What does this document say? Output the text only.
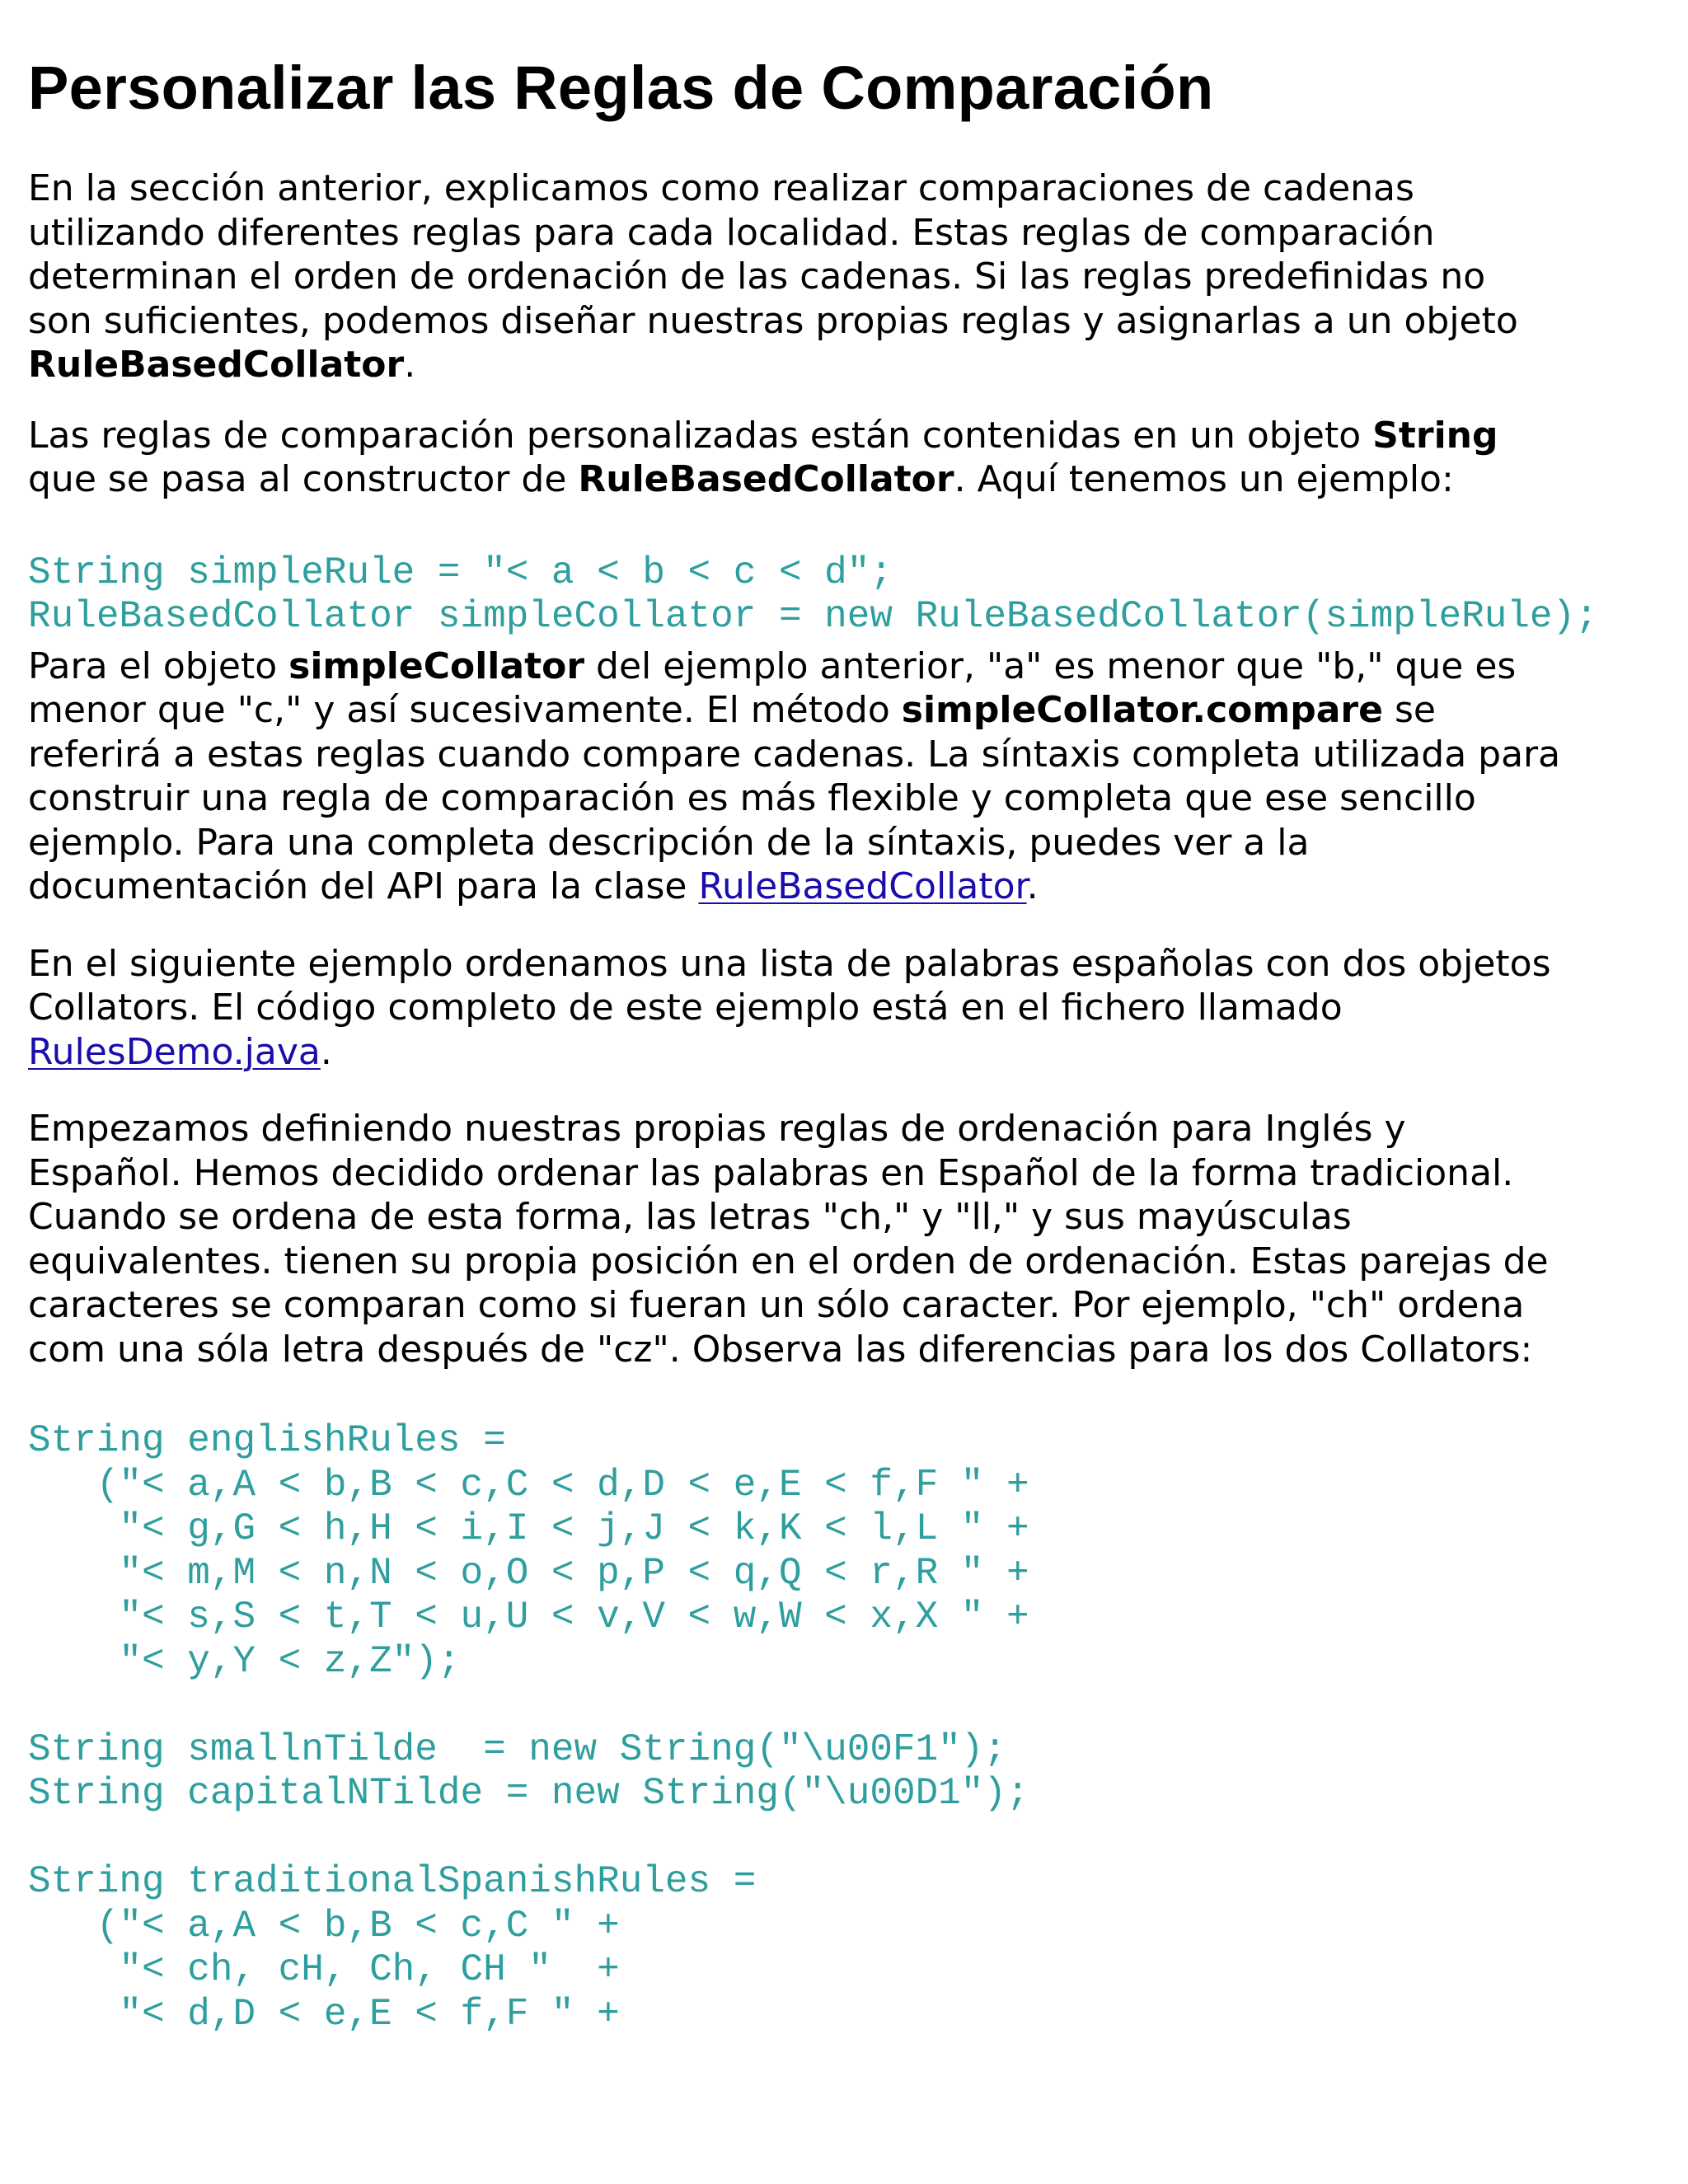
Personalizar las Reglas de Comparación

En la sección anterior, explicamos como realizar comparaciones de cadenas
utilizando diferentes reglas para cada localidad. Estas reglas de comparación
determinan el orden de ordenación de las cadenas. Si las reglas predefinidas no
son suficientes, podemos diseñar nuestras propias reglas y asignarlas a un objeto
RuleBasedCollator.

Las reglas de comparación personalizadas están contenidas en un objeto String
que se pasa al constructor de RuleBasedCollator. Aquí tenemos un ejemplo:

String simpleRule = "< a < b < c < d";
RuleBasedCollator simpleCollator = new RuleBasedCollator(simpleRule);

Para el objeto simpleCollator del ejemplo anterior, "a" es menor que "b," que es
menor que "c," y así sucesivamente. El método simpleCollator.compare se
referirá a estas reglas cuando compare cadenas. La síntaxis completa utilizada para
construir una regla de comparación es más flexible y completa que ese sencillo
ejemplo. Para una completa descripción de la síntaxis, puedes ver a la
documentación del API para la clase RuleBasedCollator.

En el siguiente ejemplo ordenamos una lista de palabras españolas con dos objetos
Collators. El código completo de este ejemplo está en el fichero llamado
RulesDemo.java.

Empezamos definiendo nuestras propias reglas de ordenación para Inglés y
Español. Hemos decidido ordenar las palabras en Español de la forma tradicional.
Cuando se ordena de esta forma, las letras "ch," y "ll," y sus mayúsculas
equivalentes. tienen su propia posición en el orden de ordenación. Estas parejas de
caracteres se comparan como si fueran un sólo caracter. Por ejemplo, "ch" ordena
com una sóla letra después de "cz". Observa las diferencias para los dos Collators:

String englishRules =
("< a,A < b,B < c,C < d,D < e,E < f,F " +
"< g,G < h,H < i,I < j,J < k,K < l,L " +
"< m,M < n,N < o,O < p,P < q,Q < r,R " +
"< s,S < t,T < u,U < v,V < w,W < x,X " +
"< y,Y < z,Z");

String smallnTilde  = new String("\u00F1");
String capitalNTilde = new String("\u00D1");

String traditionalSpanishRules =
("< a,A < b,B < c,C " +
"< ch, cH, Ch, CH "  +
"< d,D < e,E < f,F " +
